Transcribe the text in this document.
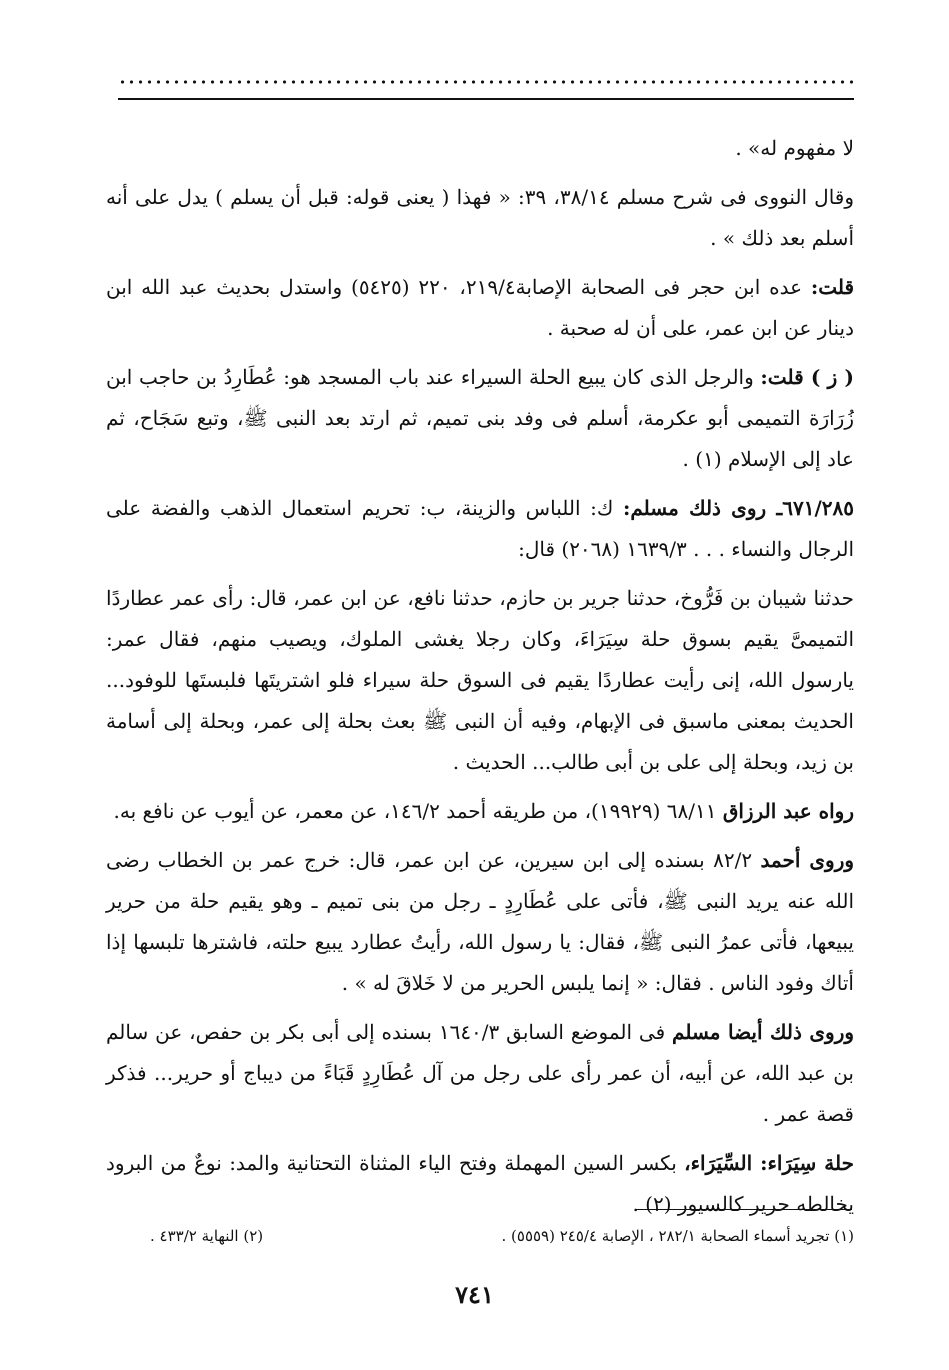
لا مفهوم له» .

وقال النووى فى شرح مسلم ٣٨/١٤، ٣٩: « فهذا ( يعنى قوله: قبل أن يسلم ) يدل على أنه أسلم بعد ذلك » .

قلت: عده ابن حجر فى الصحابة الإصابة٢١٩/٤، ٢٢٠ (٥٤٢٥) واستدل بحديث عبد الله ابن دينار عن ابن عمر، على أن له صحبة .

( ز ) قلت: والرجل الذى كان يبيع الحلة السيراء عند باب المسجد هو: عُطَارِدُ بن حاجب ابن زُرَارَة التميمى أبو عكرمة، أسلم فى وفد بنى تميم، ثم ارتد بعد النبى ﷺ، وتبع سَجَاح، ثم عاد إلى الإسلام (١) .

٦٧١/٢٨٥ـ روى ذلك مسلم: ك: اللباس والزينة، ب: تحريم استعمال الذهب والفضة على الرجال والنساء . . . ١٦٣٩/٣ (٢٠٦٨) قال:

حدثنا شيبان بن فَرُّوخ، حدثنا جرير بن حازم، حدثنا نافع، عن ابن عمر، قال: رأى عمر عطاردًا التميمىَّ يقيم بسوق حلة سِيَرَاءَ، وكان رجلا يغشى الملوك، ويصيب منهم، فقال عمر: يارسول الله، إنى رأيت عطاردًا يقيم فى السوق حلة سيراء فلو اشتريتَها فلبستَها للوفود... الحديث بمعنى ماسبق فى الإبهام، وفيه أن النبى ﷺ بعث بحلة إلى عمر، وبحلة إلى أسامة بن زيد، وبحلة إلى على بن أبى طالب... الحديث .

رواه عبد الرزاق ٦٨/١١ (١٩٩٢٩)، من طريقه أحمد ١٤٦/٢، عن معمر، عن أيوب عن نافع به.

وروى أحمد ٨٢/٢ بسنده إلى ابن سيرين، عن ابن عمر، قال: خرج عمر بن الخطاب رضى الله عنه يريد النبى ﷺ، فأتى على عُطَارِدٍ ـ رجل من بنى تميم ـ وهو يقيم حلة من حرير يبيعها، فأتى عمرُ النبى ﷺ، فقال: يا رسول الله، رأيتُ عطارد يبيع حلته، فاشترها تلبسها إذا أتاك وفود الناس . فقال: « إنما يلبس الحرير من لا خَلاقَ له » .

وروى ذلك أيضا مسلم فى الموضع السابق ١٦٤٠/٣ بسنده إلى أبى بكر بن حفص، عن سالم بن عبد الله، عن أبيه، أن عمر رأى على رجل من آل عُطَارِدٍ قَبَاءً من ديباج أو حرير... فذكر قصة عمر .

حلة سِيَرَاء: السِّيَرَاء، بكسر السين المهملة وفتح الياء المثناة التحتانية والمد: نوعٌ من البرود يخالطه حرير كالسيور (٢) .

(١) تجريد أسماء الصحابة ٢٨٢/١ ، الإصابة ٢٤٥/٤ (٥٥٥٩) .
(٢) النهاية ٤٣٣/٢ .
٧٤١
